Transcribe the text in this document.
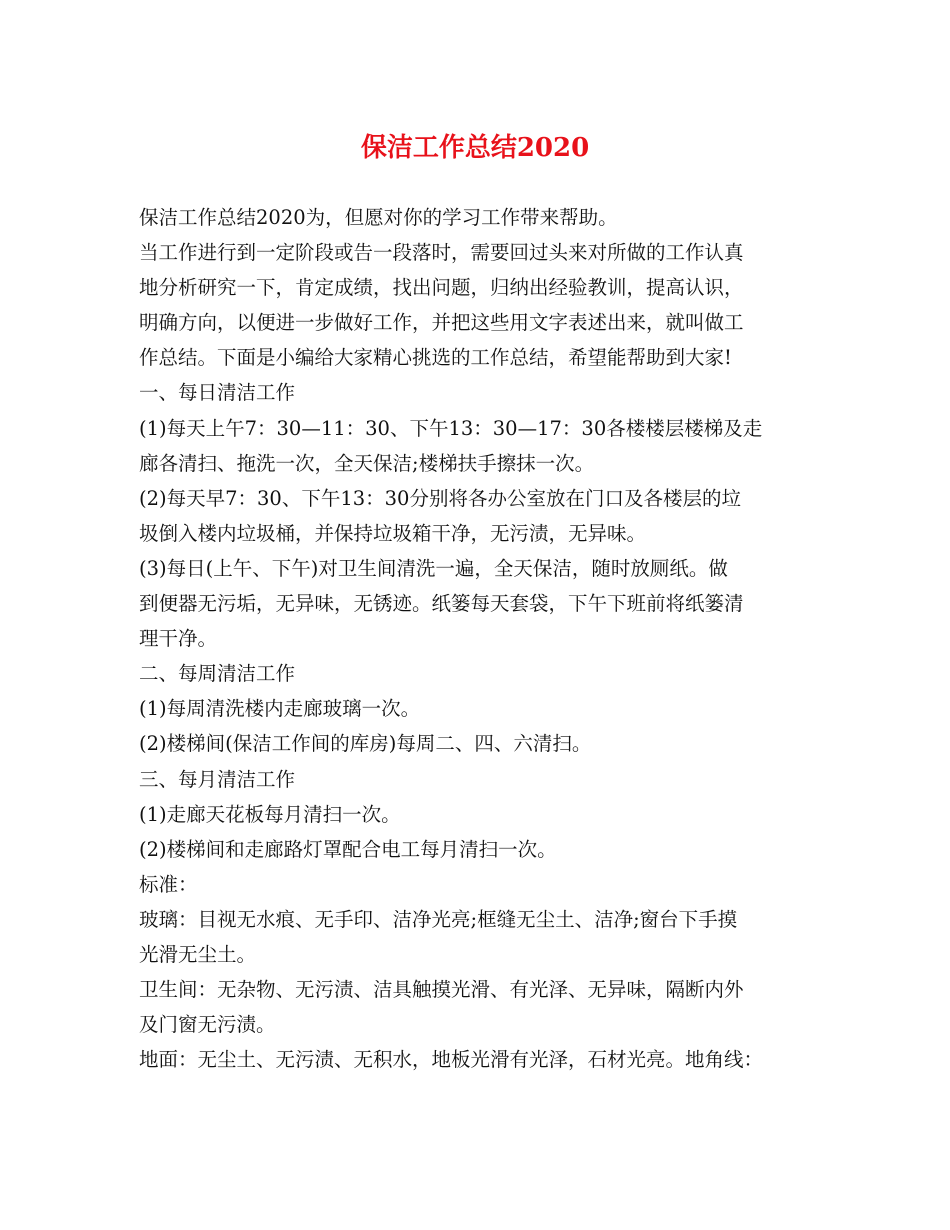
保洁工作总结2020
保洁工作总结2020为，但愿对你的学习工作带来帮助。
当工作进行到一定阶段或告一段落时，需要回过头来对所做的工作认真
地分析研究一下，肯定成绩，找出问题，归纳出经验教训，提高认识，
明确方向，以便进一步做好工作，并把这些用文字表述出来，就叫做工
作总结。下面是小编给大家精心挑选的工作总结，希望能帮助到大家!
一、每日清洁工作
(1)每天上午7：30—11：30、下午13：30—17：30各楼楼层楼梯及走
廊各清扫、拖洗一次，全天保洁;楼梯扶手擦抹一次。
(2)每天早7：30、下午13：30分别将各办公室放在门口及各楼层的垃
圾倒入楼内垃圾桶，并保持垃圾箱干净，无污渍，无异味。
(3)每日(上午、下午)对卫生间清洗一遍，全天保洁，随时放厕纸。做
到便器无污垢，无异味，无锈迹。纸篓每天套袋，下午下班前将纸篓清
理干净。
二、每周清洁工作
(1)每周清洗楼内走廊玻璃一次。
(2)楼梯间(保洁工作间的库房)每周二、四、六清扫。
三、每月清洁工作
(1)走廊天花板每月清扫一次。
(2)楼梯间和走廊路灯罩配合电工每月清扫一次。
标准：
玻璃：目视无水痕、无手印、洁净光亮;框缝无尘土、洁净;窗台下手摸
光滑无尘土。
卫生间：无杂物、无污渍、洁具触摸光滑、有光泽、无异味，隔断内外
及门窗无污渍。
地面：无尘土、无污渍、无积水，地板光滑有光泽，石材光亮。地角线：
